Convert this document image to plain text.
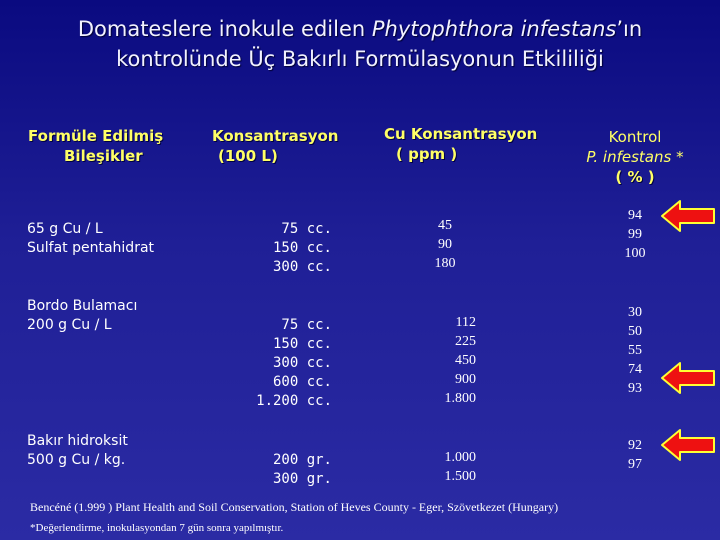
Domateslere inokule edilen Phytophthora infestans’ın
kontrolünde Üç Bakırlı Formülasyonun Etkililiği
Formüle Edilmiş
Bileşikler
Konsantrasyon
(100 L)
Cu Konsantrasyon
( ppm )
Kontrol
P. infestans *
( % )
65 g Cu / L
Sulfat pentahidrat
75 cc.
150 cc.
300 cc.
45
90
180
94
99
100
Bordo Bulamacı
200 g Cu / L	75 cc.
150 cc.
300 cc.
600 cc.
1.200 cc.
112
225
450
900
1.800
30
50
55
74
93
Bakır hidroksit
500 g Cu / kg.	200 gr.
300 gr.
1.000
1.500
92
97
Bencéné (1.999 ) Plant Health and Soil Conservation, Station of Heves County - Eger, Szövetkezet (Hungary)
*Değerlendirme, inokulasyondan 7 gün sonra yapılmıştır.
